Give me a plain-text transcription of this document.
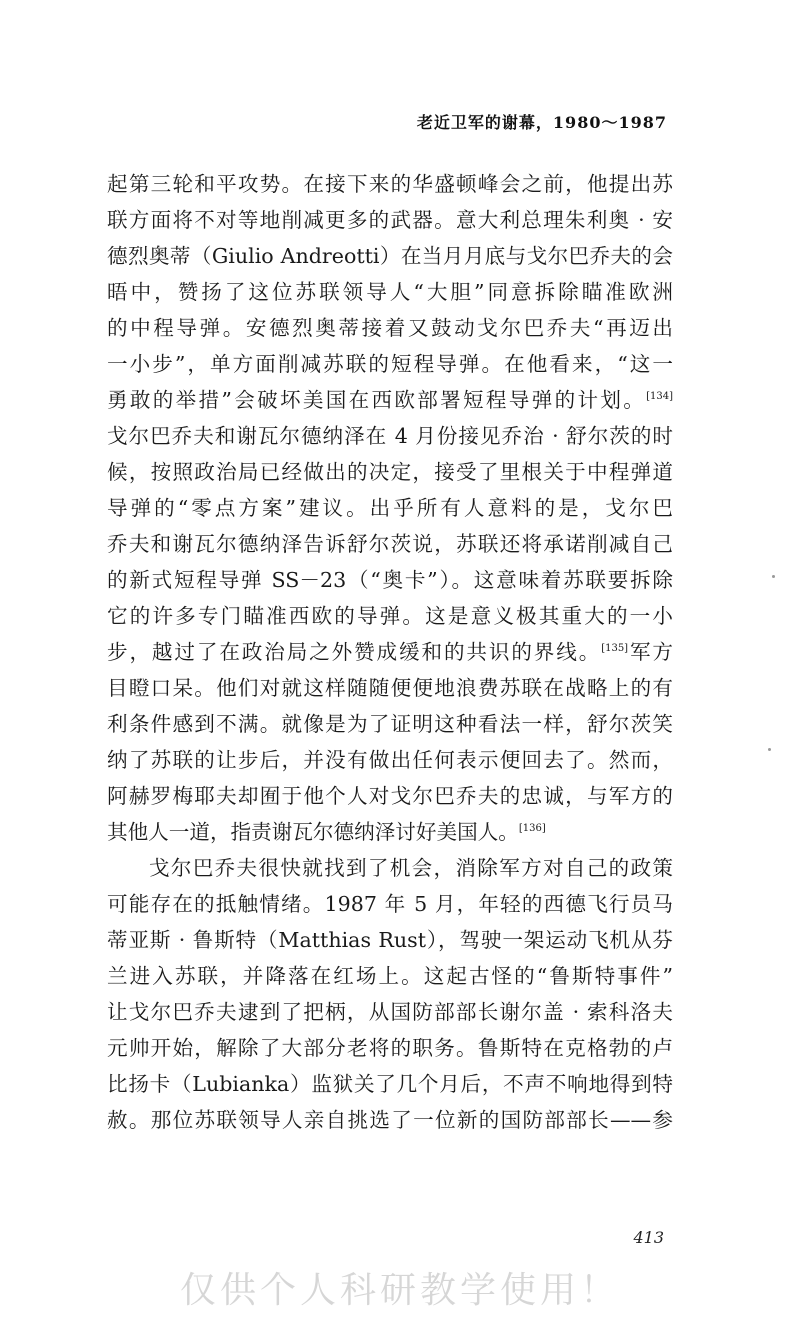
老近卫军的谢幕，1980～1987
起第三轮和平攻势。在接下来的华盛顿峰会之前，他提出苏
联方面将不对等地削减更多的武器。意大利总理朱利奥 · 安
德烈奥蒂（Giulio Andreotti）在当月月底与戈尔巴乔夫的会
晤中，赞扬了这位苏联领导人“大胆”同意拆除瞄准欧洲
的中程导弹。安德烈奥蒂接着又鼓动戈尔巴乔夫“再迈出
一小步”，单方面削减苏联的短程导弹。在他看来，“这一
勇敢的举措”会破坏美国在西欧部署短程导弹的计划。[134]
戈尔巴乔夫和谢瓦尔德纳泽在 4 月份接见乔治 · 舒尔茨的时
候，按照政治局已经做出的决定，接受了里根关于中程弹道
导弹的“零点方案”建议。出乎所有人意料的是，戈尔巴
乔夫和谢瓦尔德纳泽告诉舒尔茨说，苏联还将承诺削减自己
的新式短程导弹 SS－23（“奥卡”）。这意味着苏联要拆除
它的许多专门瞄准西欧的导弹。这是意义极其重大的一小
步，越过了在政治局之外赞成缓和的共识的界线。[135]军方
目瞪口呆。他们对就这样随随便便地浪费苏联在战略上的有
利条件感到不满。就像是为了证明这种看法一样，舒尔茨笑
纳了苏联的让步后，并没有做出任何表示便回去了。然而，
阿赫罗梅耶夫却囿于他个人对戈尔巴乔夫的忠诚，与军方的
其他人一道，指责谢瓦尔德纳泽讨好美国人。[136]
戈尔巴乔夫很快就找到了机会，消除军方对自己的政策
可能存在的抵触情绪。1987 年 5 月，年轻的西德飞行员马
蒂亚斯 · 鲁斯特（Matthias Rust），驾驶一架运动飞机从芬
兰进入苏联，并降落在红场上。这起古怪的“鲁斯特事件”
让戈尔巴乔夫逮到了把柄，从国防部部长谢尔盖 · 索科洛夫
元帅开始，解除了大部分老将的职务。鲁斯特在克格勃的卢
比扬卡（Lubianka）监狱关了几个月后，不声不响地得到特
赦。那位苏联领导人亲自挑选了一位新的国防部部长——参
413
仅供个人科研教学使用！
